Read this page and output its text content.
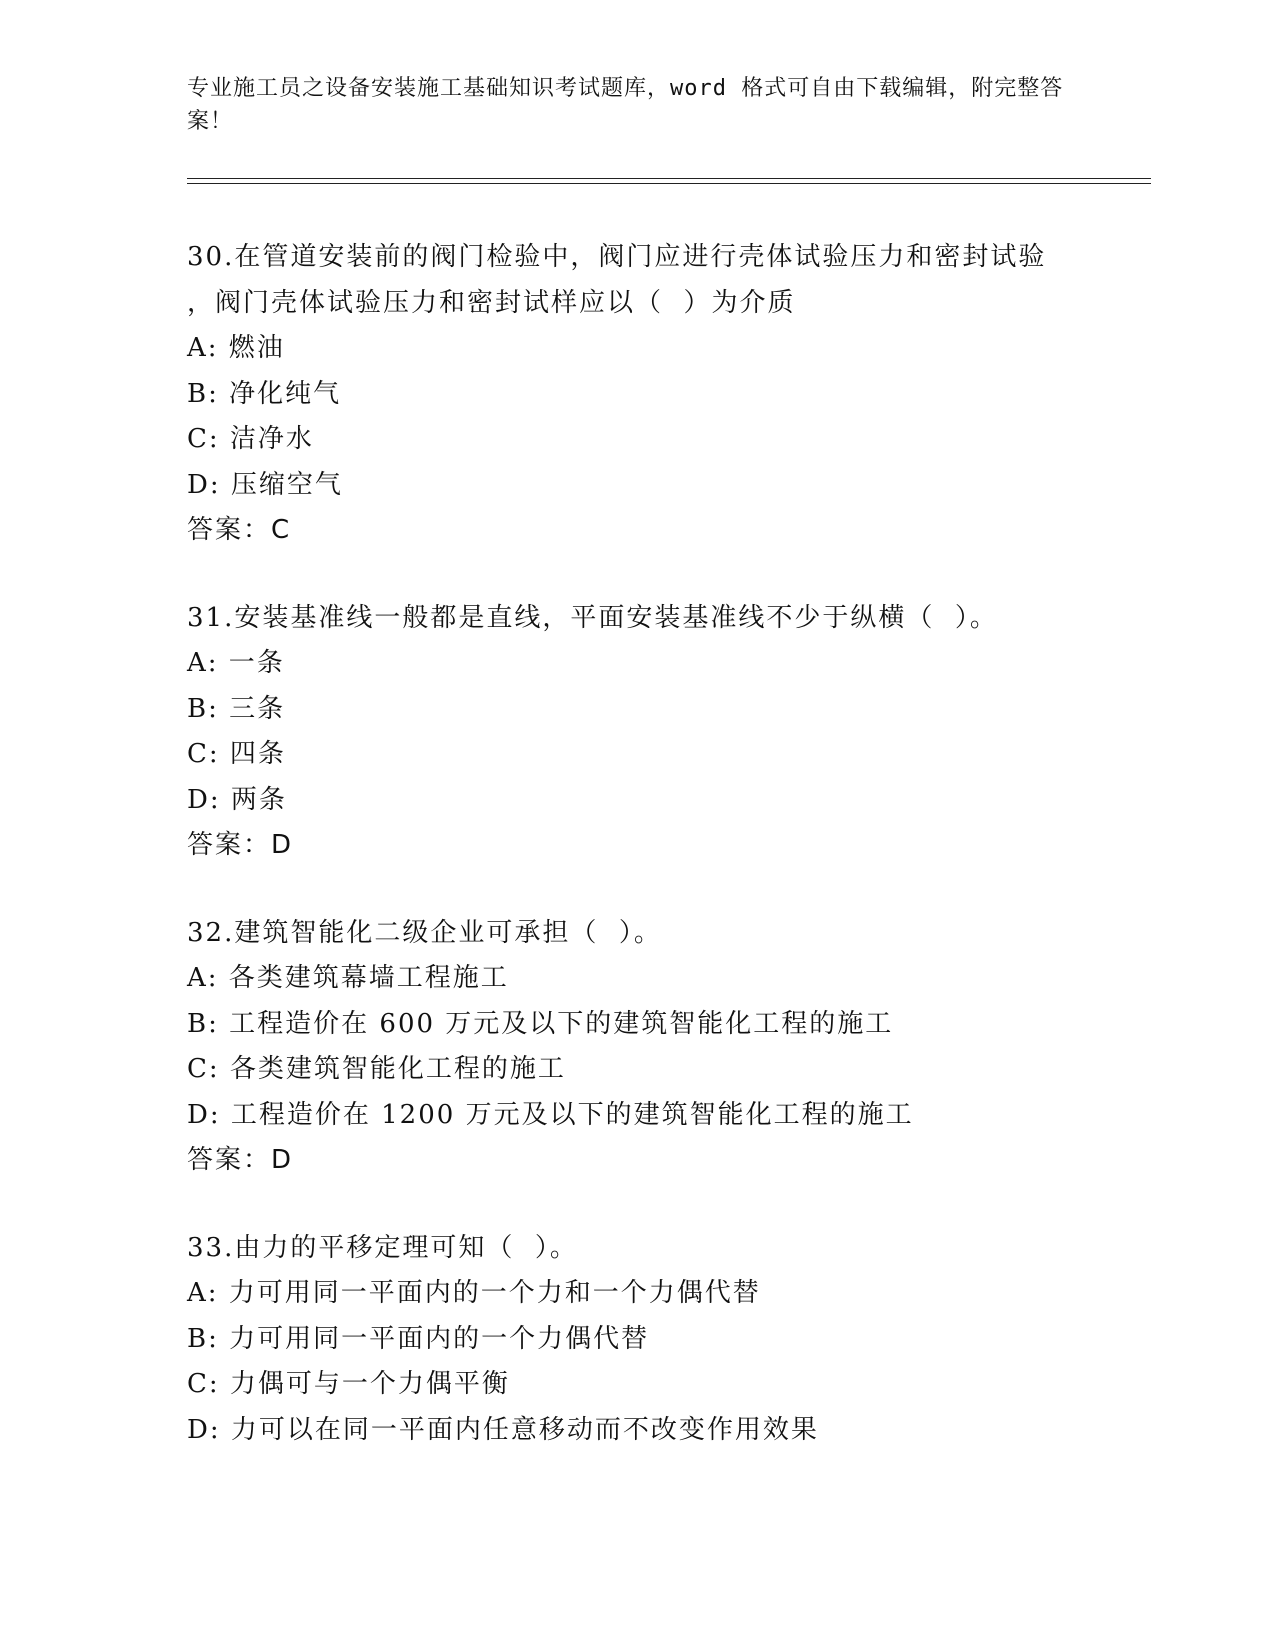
专业施工员之设备安装施工基础知识考试题库，word 格式可自由下载编辑，附完整答案！
30.在管道安装前的阀门检验中，阀门应进行壳体试验压力和密封试验
，阀门壳体试验压力和密封试样应以（  ）为介质
A: 燃油
B: 净化纯气
C: 洁净水
D: 压缩空气
答案：C
31.安装基准线一般都是直线，平面安装基准线不少于纵横（  ）。
A: 一条
B: 三条
C: 四条
D: 两条
答案：D
32.建筑智能化二级企业可承担（  ）。
A: 各类建筑幕墙工程施工
B: 工程造价在 600 万元及以下的建筑智能化工程的施工
C: 各类建筑智能化工程的施工
D: 工程造价在 1200 万元及以下的建筑智能化工程的施工
答案：D
33.由力的平移定理可知（  ）。
A: 力可用同一平面内的一个力和一个力偶代替
B: 力可用同一平面内的一个力偶代替
C: 力偶可与一个力偶平衡
D: 力可以在同一平面内任意移动而不改变作用效果
